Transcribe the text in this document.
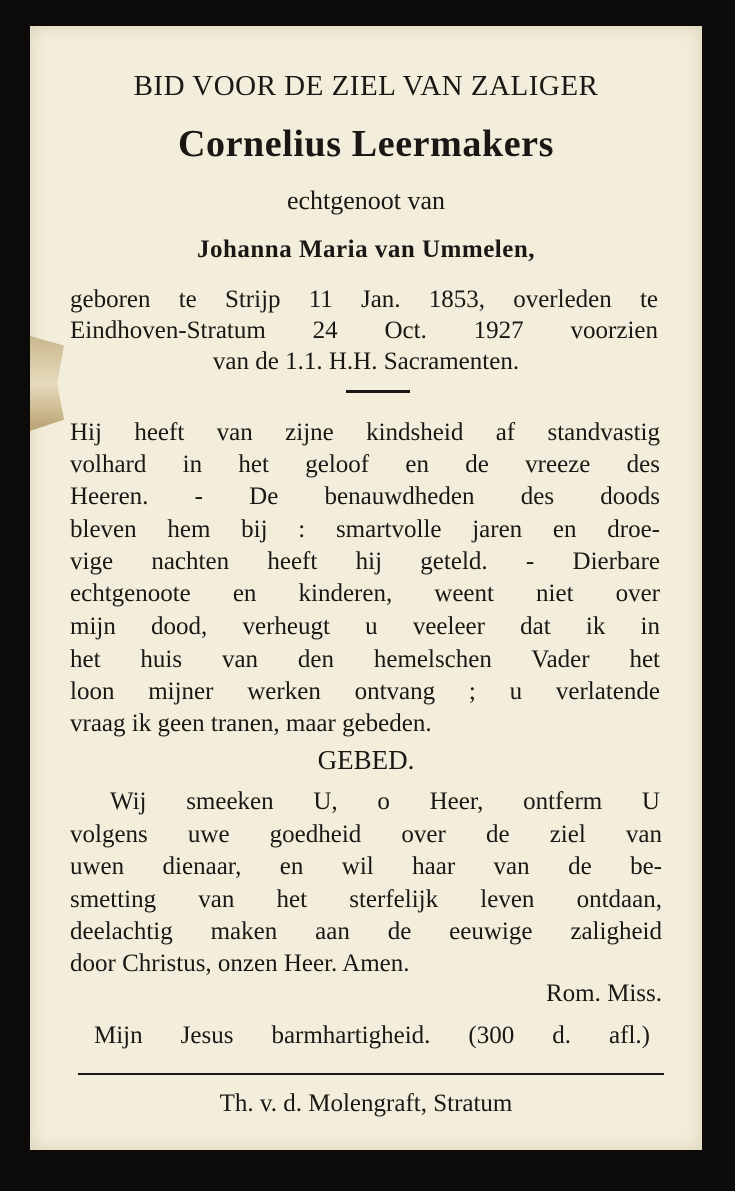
BID VOOR DE ZIEL VAN ZALIGER
Cornelius Leermakers
echtgenoot van
Johanna Maria van Ummelen,
geboren te Strijp 11 Jan. 1853, overleden te
Eindhoven-Stratum 24 Oct. 1927 voorzien
van de 1.1. H.H. Sacramenten.
Hij heeft van zijne kindsheid af standvastig
volhard in het geloof en de vreeze des
Heeren. - De benauwdheden des doods
bleven hem bij : smartvolle jaren en droe-
vige nachten heeft hij geteld. - Dierbare
echtgenoote en kinderen, weent niet over
mijn dood, verheugt u veeleer dat ik in
het huis van den hemelschen Vader het
loon mijner werken ontvang ; u verlatende
vraag ik geen tranen, maar gebeden.
GEBED.
Wij smeeken U, o Heer, ontferm U
volgens uwe goedheid over de ziel van
uwen dienaar, en wil haar van de be-
smetting van het sterfelijk leven ontdaan,
deelachtig maken aan de eeuwige zaligheid
door Christus, onzen Heer. Amen.
Rom. Miss.
Mijn Jesus barmhartigheid. (300 d. afl.)
Th. v. d. Molengraft, Stratum
